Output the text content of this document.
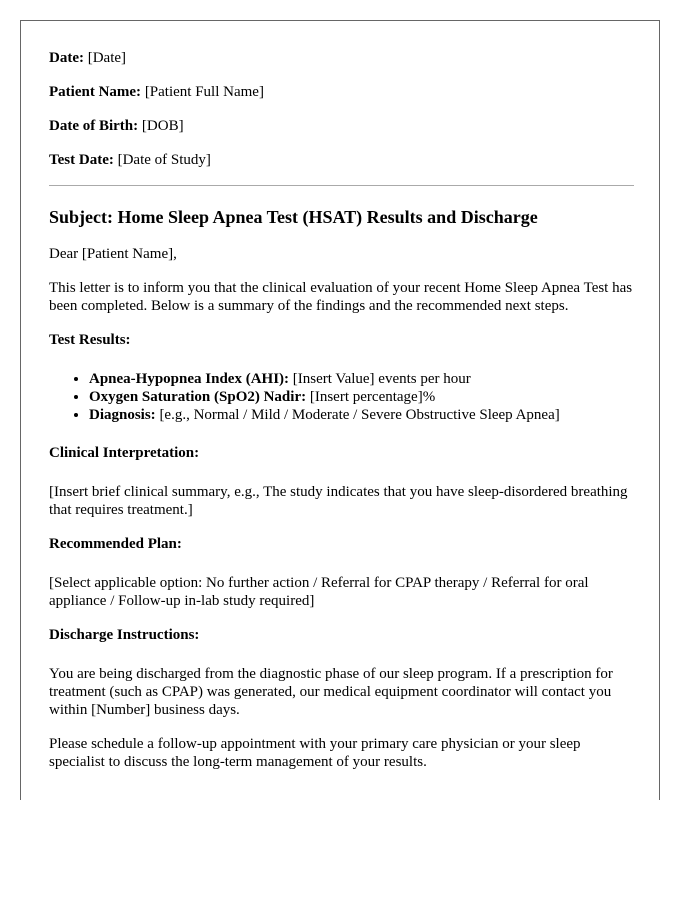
Date: [Date]
Patient Name: [Patient Full Name]
Date of Birth: [DOB]
Test Date: [Date of Study]
Subject: Home Sleep Apnea Test (HSAT) Results and Discharge

Dear [Patient Name],

This letter is to inform you that the clinical evaluation of your recent Home Sleep Apnea Test has been completed. Below is a summary of the findings and the recommended next steps.

Test Results:
• Apnea-Hypopnea Index (AHI): [Insert Value] events per hour
• Oxygen Saturation (SpO2) Nadir: [Insert percentage]%
• Diagnosis: [e.g., Normal / Mild / Moderate / Severe Obstructive Sleep Apnea]
Clinical Interpretation:

[Insert brief clinical summary, e.g., The study indicates that you have sleep-disordered breathing that requires treatment.]

Recommended Plan:

[Select applicable option: No further action / Referral for CPAP therapy / Referral for oral appliance / Follow-up in-lab study required]

Discharge Instructions:

You are being discharged from the diagnostic phase of our sleep program. If a prescription for treatment (such as CPAP) was generated, our medical equipment coordinator will contact you within [Number] business days.

Please schedule a follow-up appointment with your primary care physician or your sleep specialist to discuss the long-term management of your results.
